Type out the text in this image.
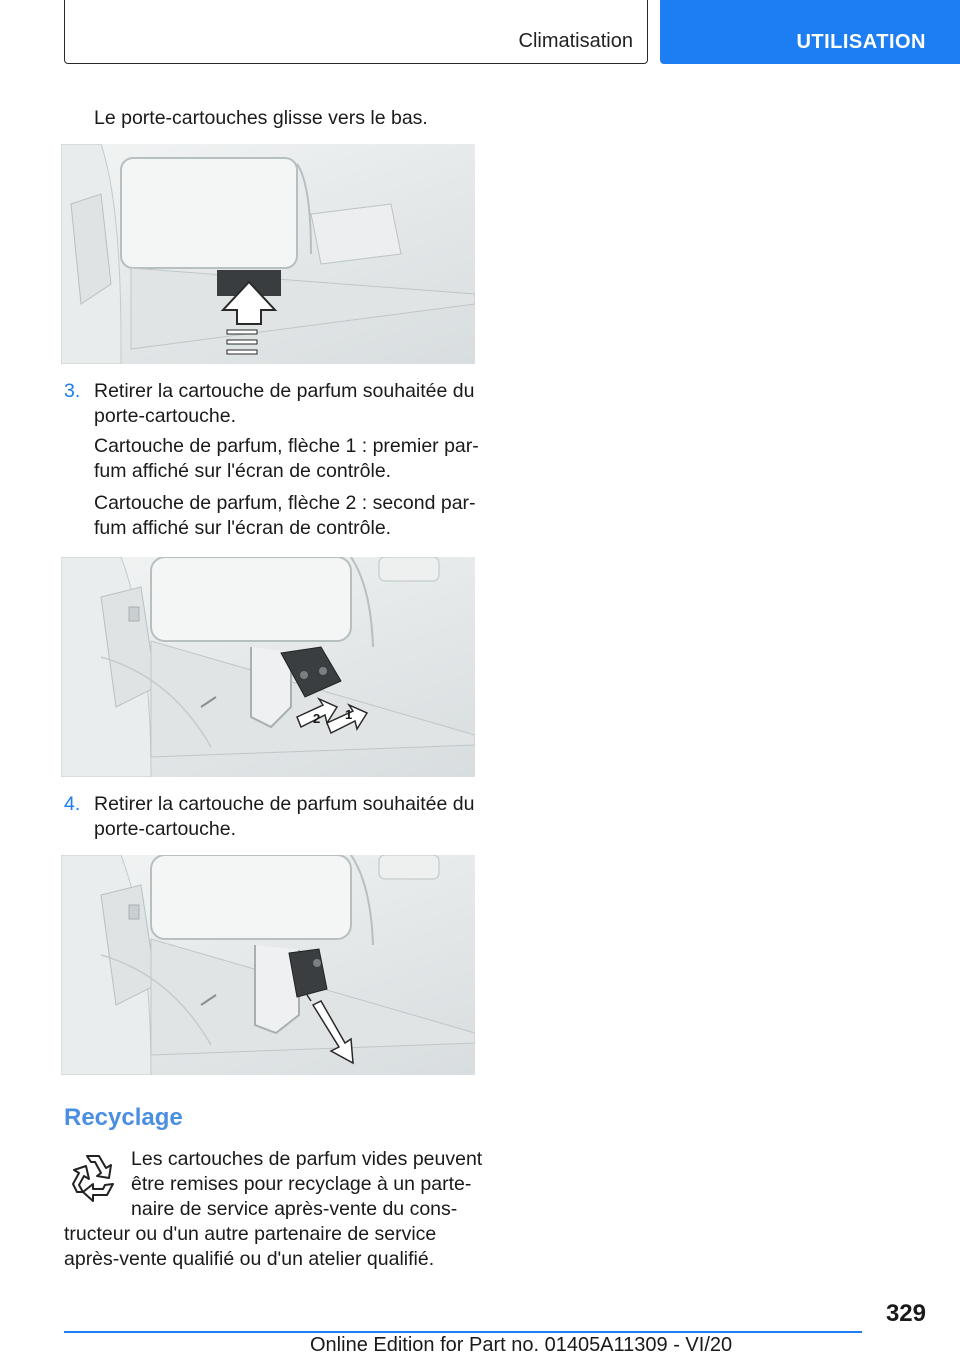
Climatisation	UTILISATION
Le porte-cartouches glisse vers le bas.
3. Retirer la cartouche de parfum souhaitée du
porte-cartouche.
Cartouche de parfum, flèche 1 : premier par-
fum affiché sur l'écran de contrôle.
Cartouche de parfum, flèche 2 : second par-
fum affiché sur l'écran de contrôle.
2 1
4. Retirer la cartouche de parfum souhaitée du
porte-cartouche.
Recyclage
Les cartouches de parfum vides peuvent
être remises pour recyclage à un parte-
naire de service après-vente du cons-
tructeur ou d'un autre partenaire de service
après-vente qualifié ou d'un atelier qualifié.
329
Online Edition for Part no. 01405A11309 - VI/20
